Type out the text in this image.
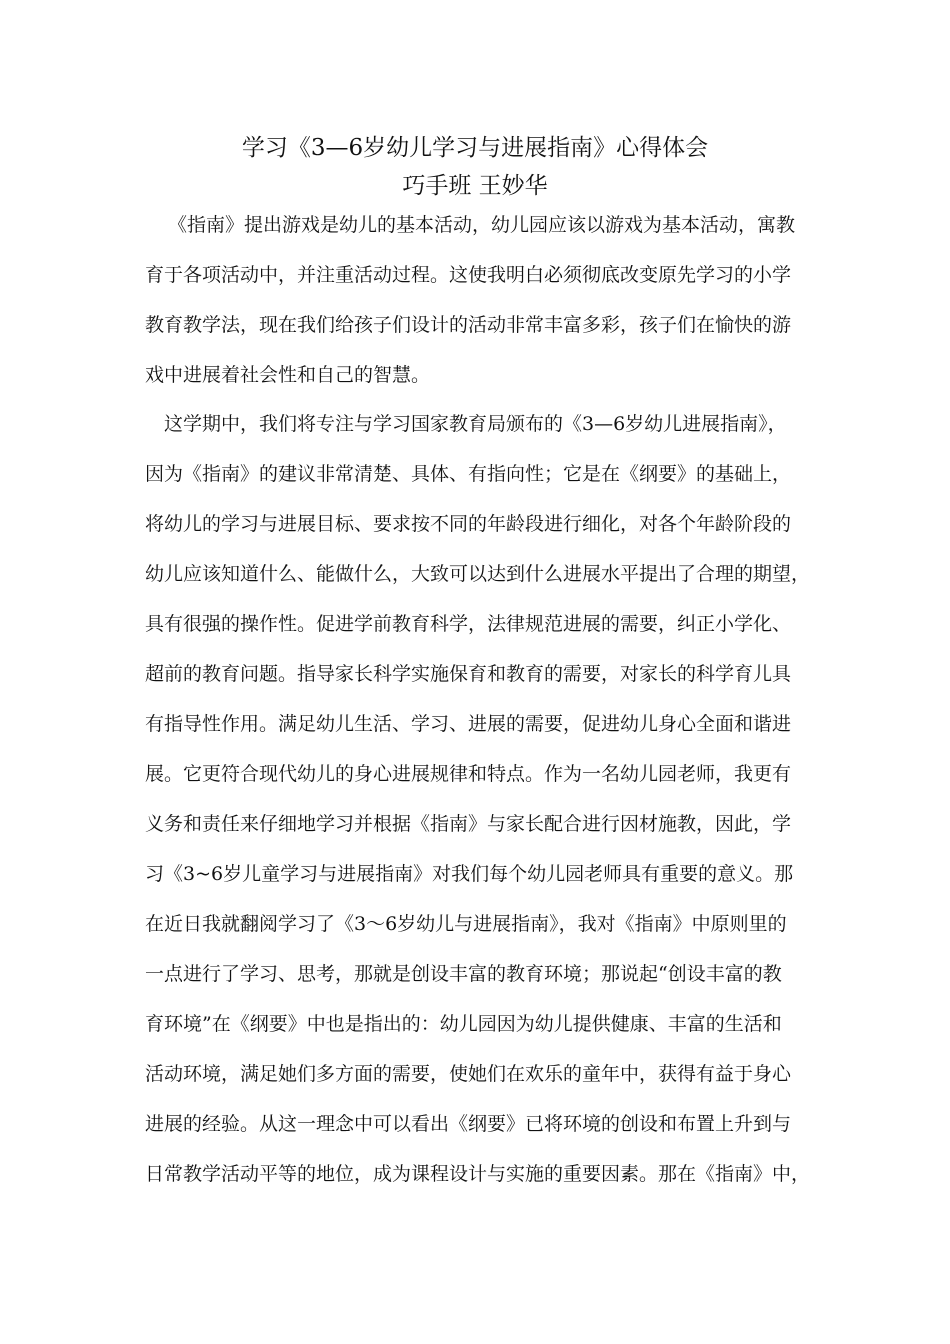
学习《3—6岁幼儿学习与进展指南》心得体会
巧手班 王妙华
《指南》提出游戏是幼儿的基本活动，幼儿园应该以游戏为基本活动，寓教
育于各项活动中，并注重活动过程。这使我明白必须彻底改变原先学习的小学
教育教学法，现在我们给孩子们设计的活动非常丰富多彩，孩子们在愉快的游
戏中进展着社会性和自己的智慧。
这学期中，我们将专注与学习国家教育局颁布的《3—6岁幼儿进展指南》，
因为《指南》的建议非常清楚、具体、有指向性；它是在《纲要》的基础上，
将幼儿的学习与进展目标、要求按不同的年龄段进行细化，对各个年龄阶段的
幼儿应该知道什么、能做什么，大致可以达到什么进展水平提出了合理的期望，
具有很强的操作性。促进学前教育科学，法律规范进展的需要，纠正小学化、
超前的教育问题。指导家长科学实施保育和教育的需要，对家长的科学育儿具
有指导性作用。满足幼儿生活、学习、进展的需要，促进幼儿身心全面和谐进
展。它更符合现代幼儿的身心进展规律和特点。作为一名幼儿园老师，我更有
义务和责任来仔细地学习并根据《指南》与家长配合进行因材施教，因此，学
习《3~6岁儿童学习与进展指南》对我们每个幼儿园老师具有重要的意义。那
在近日我就翻阅学习了《3～6岁幼儿与进展指南》，我对《指南》中原则里的
一点进行了学习、思考，那就是创设丰富的教育环境；那说起“创设丰富的教
育环境”在《纲要》中也是指出的：幼儿园因为幼儿提供健康、丰富的生活和
活动环境，满足她们多方面的需要，使她们在欢乐的童年中，获得有益于身心
进展的经验。从这一理念中可以看出《纲要》已将环境的创设和布置上升到与
日常教学活动平等的地位，成为课程设计与实施的重要因素。那在《指南》中，
